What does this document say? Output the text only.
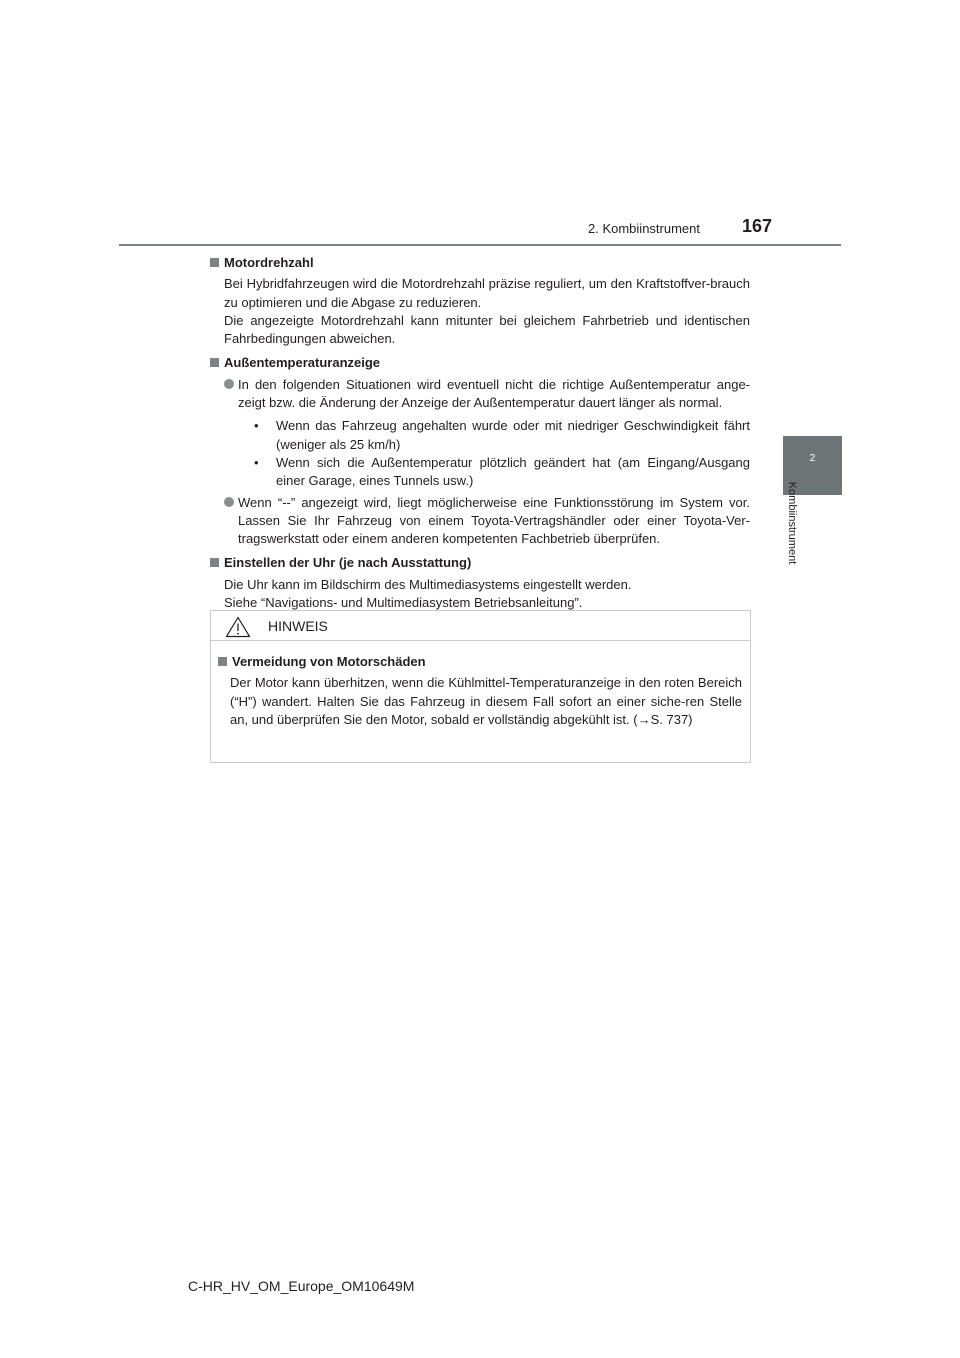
2. Kombiinstrument 167
2
Kombiinstrument
Motordrehzahl

Bei Hybridfahrzeugen wird die Motordrehzahl präzise reguliert, um den Kraftstoffver-brauch zu optimieren und die Abgase zu reduzieren.

Die angezeigte Motordrehzahl kann mitunter bei gleichem Fahrbetrieb und identischen Fahrbedingungen abweichen.

Außentemperaturanzeige
In den folgenden Situationen wird eventuell nicht die richtige Außentemperatur ange-zeigt bzw. die Änderung der Anzeige der Außentemperatur dauert länger als normal.
•	Wenn das Fahrzeug angehalten wurde oder mit niedriger Geschwindigkeit fährt (weniger als 25 km/h)
•	Wenn sich die Außentemperatur plötzlich geändert hat (am Eingang/Ausgang einer Garage, eines Tunnels usw.)
Wenn “--” angezeigt wird, liegt möglicherweise eine Funktionsstörung im System vor. Lassen Sie Ihr Fahrzeug von einem Toyota-Vertragshändler oder einer Toyota-Ver-tragswerkstatt oder einem anderen kompetenten Fachbetrieb überprüfen.
Einstellen der Uhr (je nach Ausstattung)

Die Uhr kann im Bildschirm des Multimediasystems eingestellt werden.

Siehe “Navigations- und Multimediasystem Betriebsanleitung”.

HINWEIS
Vermeidung von Motorschäden

Der Motor kann überhitzen, wenn die Kühlmittel-Temperaturanzeige in den roten Bereich (“H”) wandert. Halten Sie das Fahrzeug in diesem Fall sofort an einer siche-ren Stelle an, und überprüfen Sie den Motor, sobald er vollständig abgekühlt ist. (→S. 737)

C-HR_HV_OM_Europe_OM10649M
